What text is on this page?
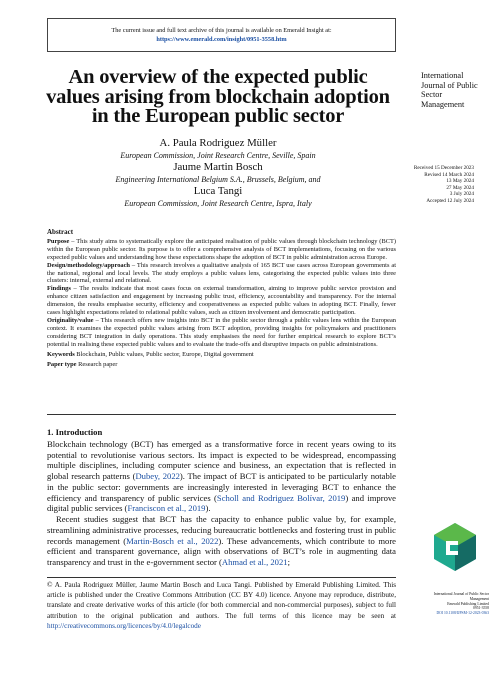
The current issue and full text archive of this journal is available on Emerald Insight at:
https://www.emerald.com/insight/0951-3558.htm
An overview of the expected public values arising from blockchain adoption in the European public sector
A. Paula Rodriguez Müller
European Commission, Joint Research Centre, Seville, Spain
Jaume Martin Bosch
Engineering International Belgium S.A., Brussels, Belgium, and
Luca Tangi
European Commission, Joint Research Centre, Ispra, Italy
International
Journal of Public
Sector
Management
Received 15 December 2023
Revised 14 March 2024
13 May 2024
27 May 2024
3 July 2024
Accepted 12 July 2024
Abstract

Purpose – This study aims to systematically explore the anticipated realisation of public values through blockchain technology (BCT) within the European public sector. Its purpose is to offer a comprehensive analysis of BCT implementations, focusing on the various expected public values and understanding how these expectations shape the adoption of BCT in public administration across Europe.

Design/methodology/approach – This research involves a qualitative analysis of 165 BCT use cases across European governments at the national, regional and local levels. The study employs a public values lens, categorising the expected public values into three clusters: internal, external and relational.

Findings – The results indicate that most cases focus on external transformation, aiming to improve public service provision and enhance citizen satisfaction and engagement by increasing public trust, efficiency, accountability and transparency. For the internal dimension, the results emphasise security, efficiency and cooperativeness as expected public values in adopting BCT. Finally, fewer cases highlight expectations related to relational public values, such as citizen involvement and democratic participation.

Originality/value – This research offers new insights into BCT in the public sector through a public values lens within the European context. It examines the expected public values arising from BCT adoption, providing insights for policymakers and practitioners considering BCT integration in daily operations. This study emphasises the need for further empirical research to explore BCT’s potential in realising these expected public values and to evaluate the trade-offs and disruptive impacts on public administrations.

Keywords Blockchain, Public values, Public sector, Europe, Digital government

Paper type Research paper

1. Introduction

Blockchain technology (BCT) has emerged as a transformative force in recent years owing to its potential to revolutionise various sectors. Its impact is expected to be widespread, encompassing multiple disciplines, including computer science and business, an expectation that is reflected in global research patterns (Dubey, 2022). The impact of BCT is anticipated to be particularly notable in the public sector: governments are increasingly interested in leveraging BCT to enhance the efficiency and transparency of public services (Scholl and Rodriguez Bolívar, 2019) and improve digital public services (Franciscon et al., 2019).

Recent studies suggest that BCT has the capacity to enhance public value by, for example, streamlining administrative processes, reducing bureaucratic bottlenecks and fostering trust in public records management (Martin-Bosch et al., 2022). These advancements, which contribute to more efficient and transparent governance, align with observations of BCT’s role in augmenting data transparency and trust in the e-government sector (Ahmad et al., 2021;

© A. Paula Rodriguez Müller, Jaume Martin Bosch and Luca Tangi. Published by Emerald Publishing Limited. This article is published under the Creative Commons Attribution (CC BY 4.0) licence. Anyone may reproduce, distribute, translate and create derivative works of this article (for both commercial and non-commercial purposes), subject to full attribution to the original publication and authors. The full terms of this licence may be seen at http://creativecommons.org/licences/by/4.0/legalcode
International Journal of Public Sector
Management
Emerald Publishing Limited
0951-3558
DOI 10.1108/IJPSM-12-2023-0363
